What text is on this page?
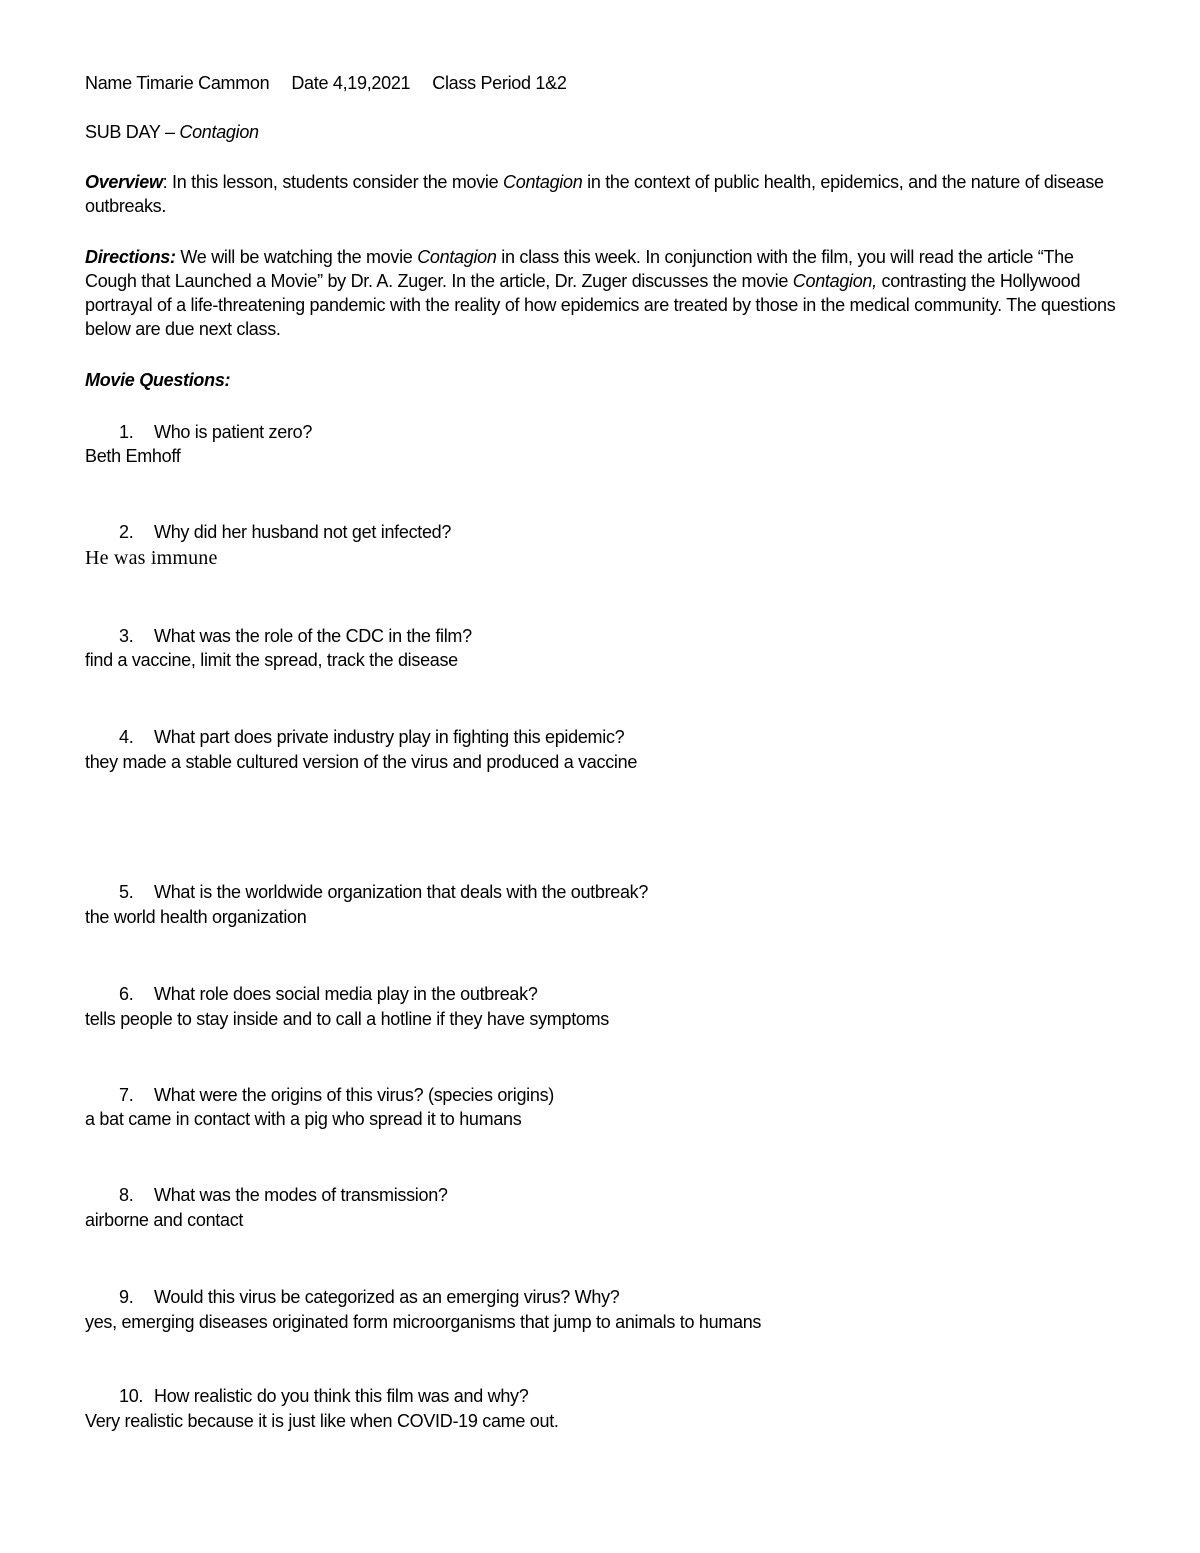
Name Timarie Cammon Date 4,19,2021 Class Period 1&2
SUB DAY – Contagion
Overview: In this lesson, students consider the movie Contagion in the context of public health, epidemics, and the nature of disease outbreaks.
Directions: We will be watching the movie Contagion in class this week. In conjunction with the film, you will read the article “The Cough that Launched a Movie” by Dr. A. Zuger. In the article, Dr. Zuger discusses the movie Contagion, contrasting the Hollywood portrayal of a life-threatening pandemic with the reality of how epidemics are treated by those in the medical community. The questions below are due next class.
Movie Questions:
1. Who is patient zero?
Beth Emhoff
2. Why did her husband not get infected?
He was immune
3. What was the role of the CDC in the film?
find a vaccine, limit the spread, track the disease
4. What part does private industry play in fighting this epidemic?
they made a stable cultured version of the virus and produced a vaccine
5. What is the worldwide organization that deals with the outbreak?
the world health organization
6. What role does social media play in the outbreak?
tells people to stay inside and to call a hotline if they have symptoms
7. What were the origins of this virus? (species origins)
a bat came in contact with a pig who spread it to humans
8. What was the modes of transmission?
airborne and contact
9. Would this virus be categorized as an emerging virus? Why?
yes, emerging diseases originated form microorganisms that jump to animals to humans
10. How realistic do you think this film was and why?
Very realistic because it is just like when COVID-19 came out.
